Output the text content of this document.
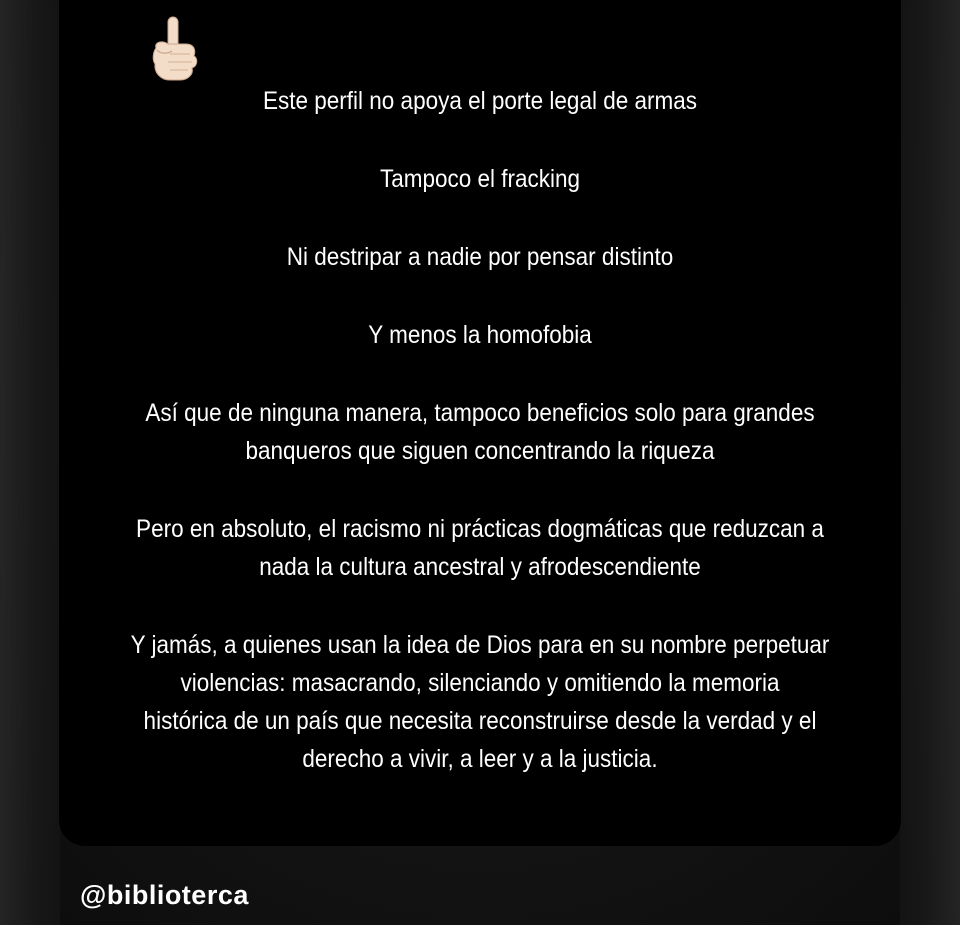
Este perfil no apoya el porte legal de armas

Tampoco el fracking

Ni destripar a nadie por pensar distinto

Y menos la homofobia

Así que de ninguna manera, tampoco beneficios solo para grandes
banqueros que siguen concentrando la riqueza

Pero en absoluto, el racismo ni prácticas dogmáticas que reduzcan a
nada la cultura ancestral y afrodescendiente

Y jamás, a quienes usan la idea de Dios para en su nombre perpetuar
violencias: masacrando, silenciando y omitiendo la memoria
histórica de un país que necesita reconstruirse desde la verdad y el
derecho a vivir, a leer y a la justicia.

@biblioterca
